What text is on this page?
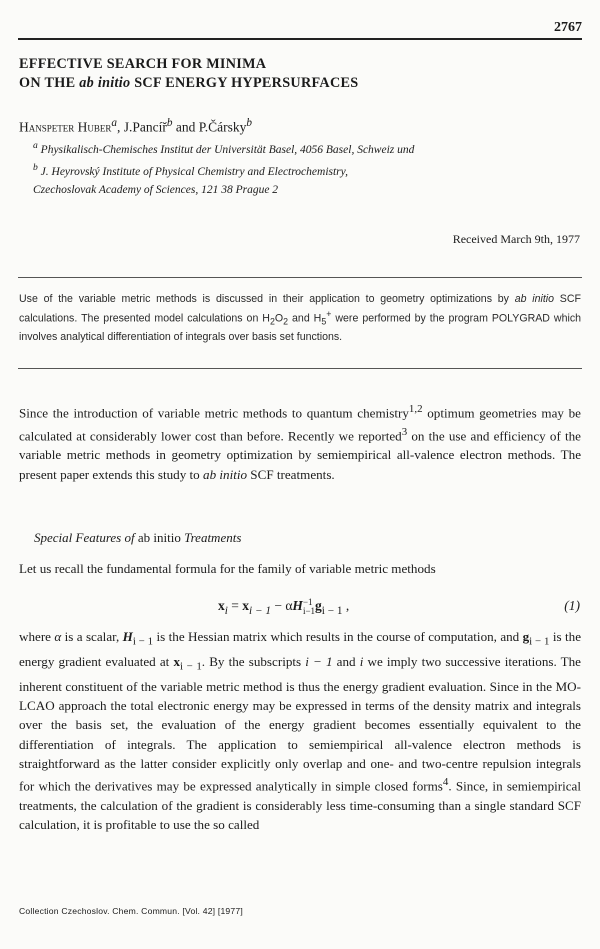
2767
EFFECTIVE SEARCH FOR MINIMA
ON THE ab initio SCF ENERGY HYPERSURFACES
Hanspeter Huber$^a$, J.Pancíř$^b$ and P.Čársky$^b$
$^a$ Physikalisch-Chemisches Institut der Universität Basel, 4056 Basel, Schweiz und
$^b$ J. Heyrovský Institute of Physical Chemistry and Electrochemistry,
Czechoslovak Academy of Sciences, 121 38 Prague 2
Received March 9th, 1977
Use of the variable metric methods is discussed in their application to geometry optimizations by ab initio SCF calculations. The presented model calculations on $H_2O_2$ and $H_5^+$ were performed by the program POLYGRAD which involves analytical differentiation of integrals over basis set functions.
Since the introduction of variable metric methods to quantum chemistry$^{1,2}$ optimum geometries may be calculated at considerably lower cost than before. Recently we reported$^3$ on the use and efficiency of the variable metric methods in geometry optimization by semiempirical all-valence electron methods. The present paper extends this study to ab initio SCF treatments.
Special Features of ab initio Treatments
Let us recall the fundamental formula for the family of variable metric methods
$x_i = x_{i - 1} - \alpha H -1$
i−1 $g_{i - 1}$ ,	(1)
where α is a scalar, $H_{i - 1}$ is the Hessian matrix which results in the course of computation, and $g_{i - 1}$ is the energy gradient evaluated at $x_{i - 1}$. By the subscripts i − 1 and i we imply two successive iterations. The inherent constituent of the variable metric method is thus the energy gradient evaluation. Since in the MO-LCAO approach the total electronic energy may be expressed in terms of the density matrix and integrals over the basis set, the evaluation of the energy gradient becomes essentially equivalent to the differentiation of integrals. The application to semiempirical all-valence electron methods is straightforward as the latter consider explicitly only overlap and one- and two-centre repulsion integrals for which the derivatives may be expressed analytically in simple closed forms$^4$. Since, in semiempirical treatments, the calculation of the gradient is considerably less time-consuming than a single standard SCF calculation, it is profitable to use the so called
Collection Czechoslov. Chem. Commun. [Vol. 42] [1977]
